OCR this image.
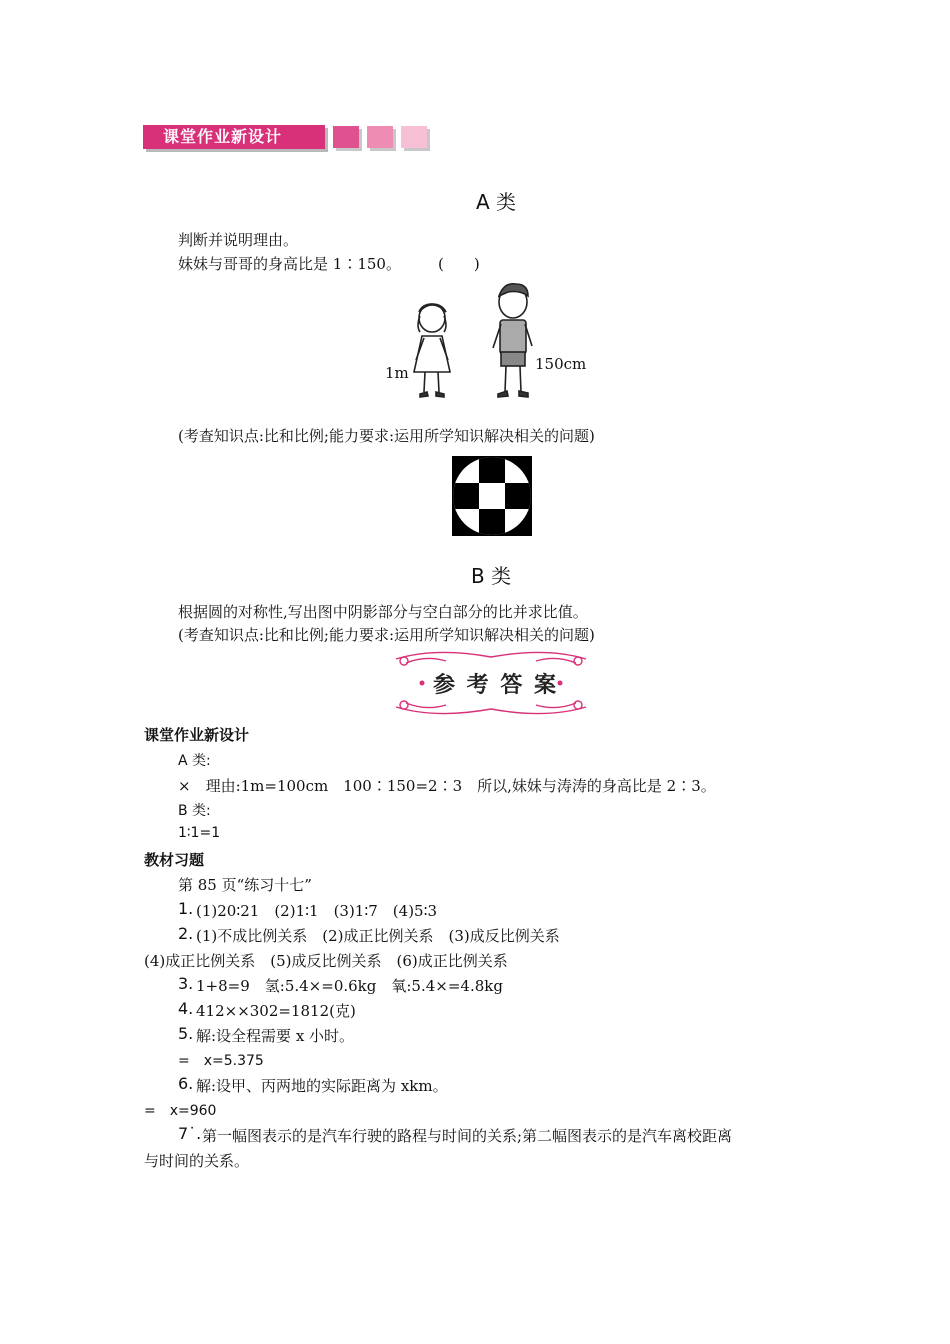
课堂作业新设计
A 类
判断并说明理由。
妹妹与哥哥的身高比是 1∶150。 (　　)
1m	150cm
(考查知识点:比和比例;能力要求:运用所学知识解决相关的问题)
B 类
根据圆的对称性,写出图中阴影部分与空白部分的比并求比值。
(考查知识点:比和比例;能力要求:运用所学知识解决相关的问题)
参 考 答 案
课堂作业新设计
A 类:
×　理由:1m=100cm　100∶150=2∶3　所以,妹妹与涛涛的身高比是 2∶3。
B 类:
1∶1=1
教材习题
第 85 页“练习十七”
1. (1)20∶21　(2)1∶1　(3)1∶7　(4)5∶3
2. (1)不成比例关系　(2)成正比例关系　(3)成反比例关系
(4)成正比例关系　(5)成反比例关系　(6)成正比例关系
3. 1+8=9　氢:5.4×=0.6kg　氧:5.4×=4.8kg
4. 412××302=1812(克)
5. 解:设全程需要 x 小时。
=　x=5.375
6. 解:设甲、丙两地的实际距离为 xkm。
=　x=960
7˙. 第一幅图表示的是汽车行驶的路程与时间的关系;第二幅图表示的是汽车离校距离
与时间的关系。
